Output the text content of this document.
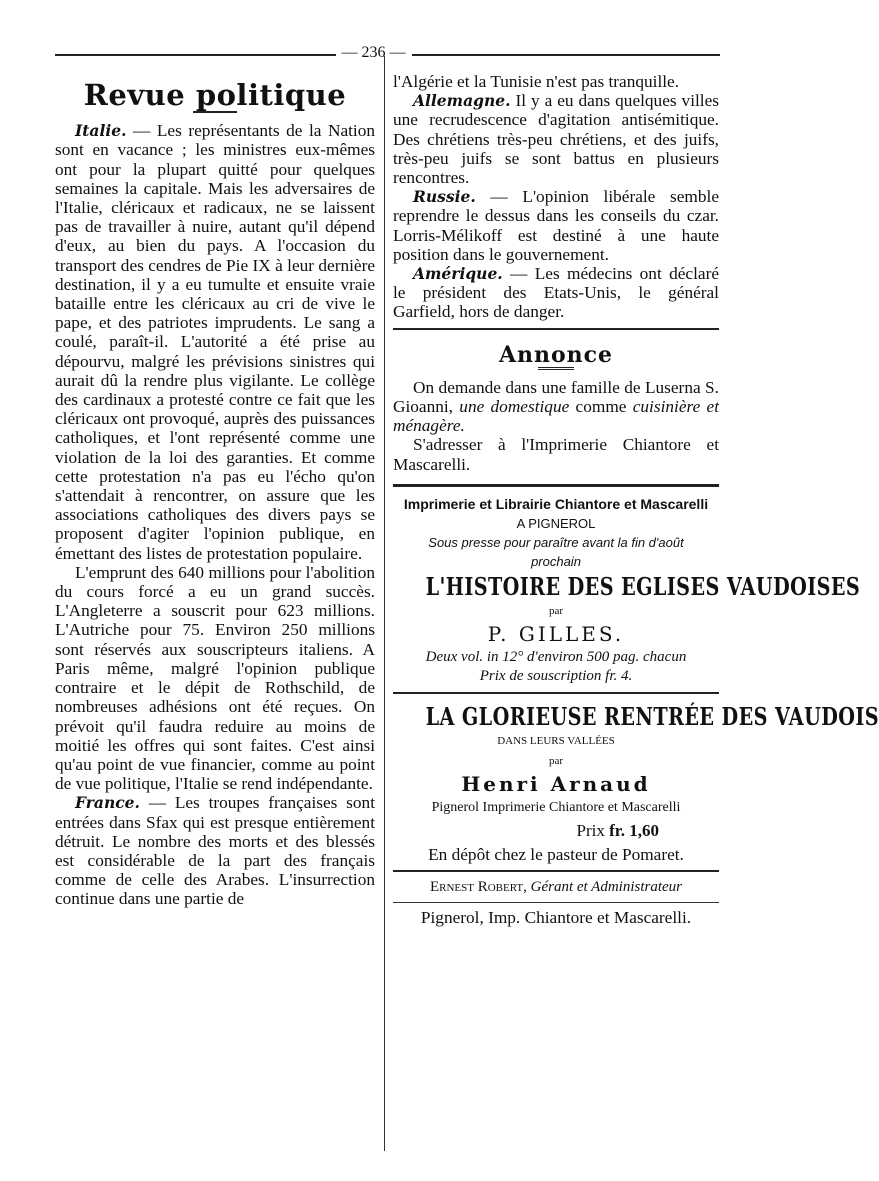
— 236 —
Revue politique

Italie. — Les représentants de la Nation sont en vacance ; les ministres eux-mêmes ont pour la plupart quitté pour quelques semaines la capitale. Mais les adversaires de l'Italie, cléricaux et radicaux, ne se laissent pas de travailler à nuire, autant qu'il dépend d'eux, au bien du pays. A l'occasion du transport des cendres de Pie IX à leur dernière destination, il y a eu tumulte et ensuite vraie bataille entre les cléricaux au cri de vive le pape, et des patriotes imprudents. Le sang a coulé, paraît-il. L'autorité a été prise au dépourvu, malgré les prévisions sinistres qui aurait dû la rendre plus vigilante. Le collège des cardinaux a protesté contre ce fait que les cléricaux ont provoqué, auprès des puissances catholiques, et l'ont représenté comme une violation de la loi des garanties. Et comme cette protestation n'a pas eu l'écho qu'on s'attendait à rencontrer, on assure que les associations catholiques des divers pays se proposent d'agiter l'opinion publique, en émettant des listes de protestation populaire.

L'emprunt des 640 millions pour l'abolition du cours forcé a eu un grand succès. L'Angleterre a souscrit pour 623 millions. L'Autriche pour 75. Environ 250 millions sont réservés aux souscripteurs italiens. A Paris même, malgré l'opinion publique contraire et le dépit de Rothschild, de nombreuses adhésions ont été reçues. On prévoit qu'il faudra reduire au moins de moitié les offres qui sont faites. C'est ainsi qu'au point de vue financier, comme au point de vue politique, l'Italie se rend indépendante.

France. — Les troupes françaises sont entrées dans Sfax qui est presque entièrement détruit. Le nombre des morts et des blessés est considérable de la part des français comme de celle des Arabes. L'insurrection continue dans une partie de

l'Algérie et la Tunisie n'est pas tranquille.

Allemagne. Il y a eu dans quelques villes une recrudescence d'agitation antisémitique. Des chrétiens très-peu chrétiens, et des juifs, très-peu juifs se sont battus en plusieurs rencontres.

Russie. — L'opinion libérale semble reprendre le dessus dans les conseils du czar. Lorris-Mélikoff est destiné à une haute position dans le gouvernement.

Amérique. — Les médecins ont déclaré le président des Etats-Unis, le général Garfield, hors de danger.

Annonce

On demande dans une famille de Luserna S. Gioanni, une domestique comme cuisinière et ménagère.

S'adresser à l'Imprimerie Chiantore et Mascarelli.

Imprimerie et Librairie Chiantore et Mascarelli

A PIGNEROL

Sous presse pour paraître avant la fin d'août prochain

L'HISTOIRE DES EGLISES VAUDOISES

par

P. GILLES.

Deux vol. in 12° d'environ 500 pag. chacun

Prix de souscription fr. 4.

LA GLORIEUSE RENTRÉE DES VAUDOIS

DANS LEURS VALLÉES

par

Henri Arnaud

Pignerol Imprimerie Chiantore et Mascarelli

Prix fr. 1,60

En dépôt chez le pasteur de Pomaret.

Ernest Robert, Gérant et Administrateur

Pignerol, Imp. Chiantore et Mascarelli.
